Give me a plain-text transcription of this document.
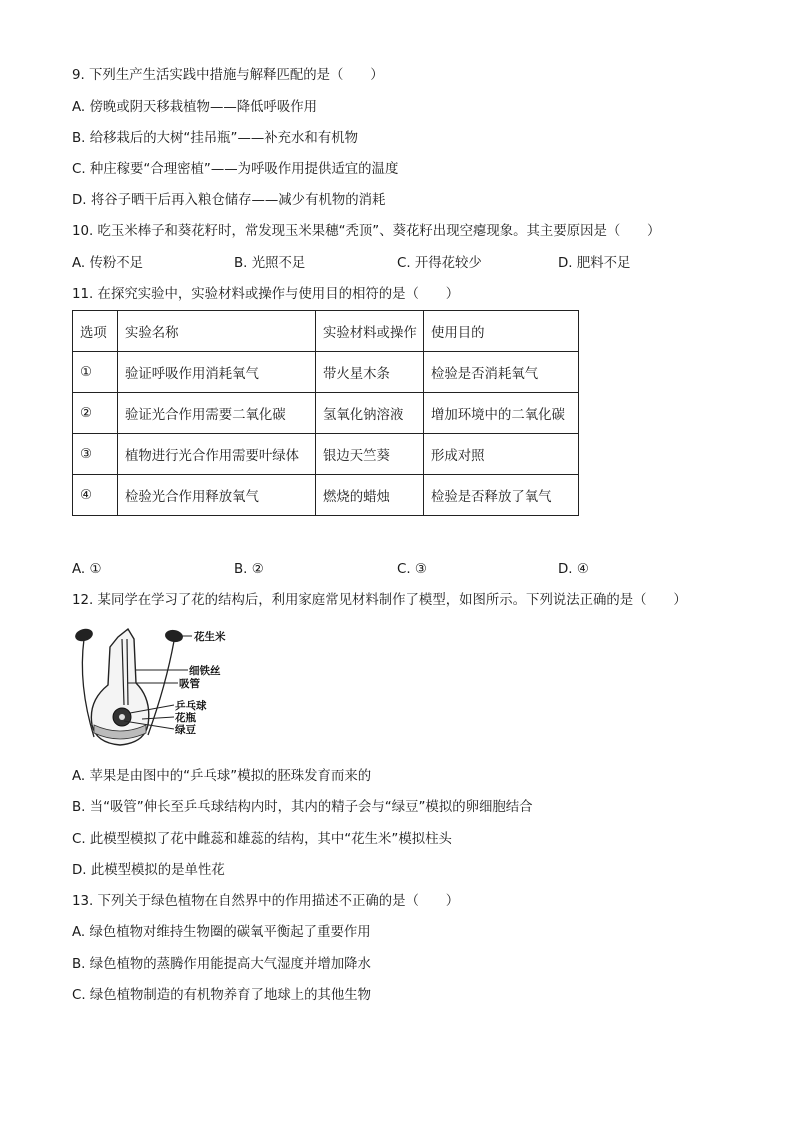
9. 下列生产生活实践中措施与解释匹配的是（　　）
A. 傍晚或阴天移栽植物——降低呼吸作用
B. 给移栽后的大树“挂吊瓶”——补充水和有机物
C. 种庄稼要“合理密植”——为呼吸作用提供适宜的温度
D. 将谷子晒干后再入粮仓储存——减少有机物的消耗
10. 吃玉米棒子和葵花籽时，常发现玉米果穗“秃顶”、葵花籽出现空瘪现象。其主要原因是（　　）
A. 传粉不足	B. 光照不足	C. 开得花较少	D. 肥料不足
11. 在探究实验中，实验材料或操作与使用目的相符的是（　　）
选项	实验名称	实验材料或操作	使用目的
①	验证呼吸作用消耗氧气	带火星木条	检验是否消耗氧气
②	验证光合作用需要二氧化碳	氢氧化钠溶液	增加环境中的二氧化碳
③	植物进行光合作用需要叶绿体	银边天竺葵	形成对照
④	检验光合作用释放氧气	燃烧的蜡烛	检验是否释放了氧气
A. ①	B. ②	C. ③	D. ④
12. 某同学在学习了花的结构后，利用家庭常见材料制作了模型，如图所示。下列说法正确的是（　　）
花生米
细铁丝
吸管
乒乓球
花瓶
绿豆
A. 苹果是由图中的“乒乓球”模拟的胚珠发育而来的
B. 当“吸管”伸长至乒乓球结构内时，其内的精子会与“绿豆”模拟的卵细胞结合
C. 此模型模拟了花中雌蕊和雄蕊的结构，其中“花生米”模拟柱头
D. 此模型模拟的是单性花
13. 下列关于绿色植物在自然界中的作用描述不正确的是（　　）
A. 绿色植物对维持生物圈的碳氧平衡起了重要作用
B. 绿色植物的蒸腾作用能提高大气湿度并增加降水
C. 绿色植物制造的有机物养育了地球上的其他生物
